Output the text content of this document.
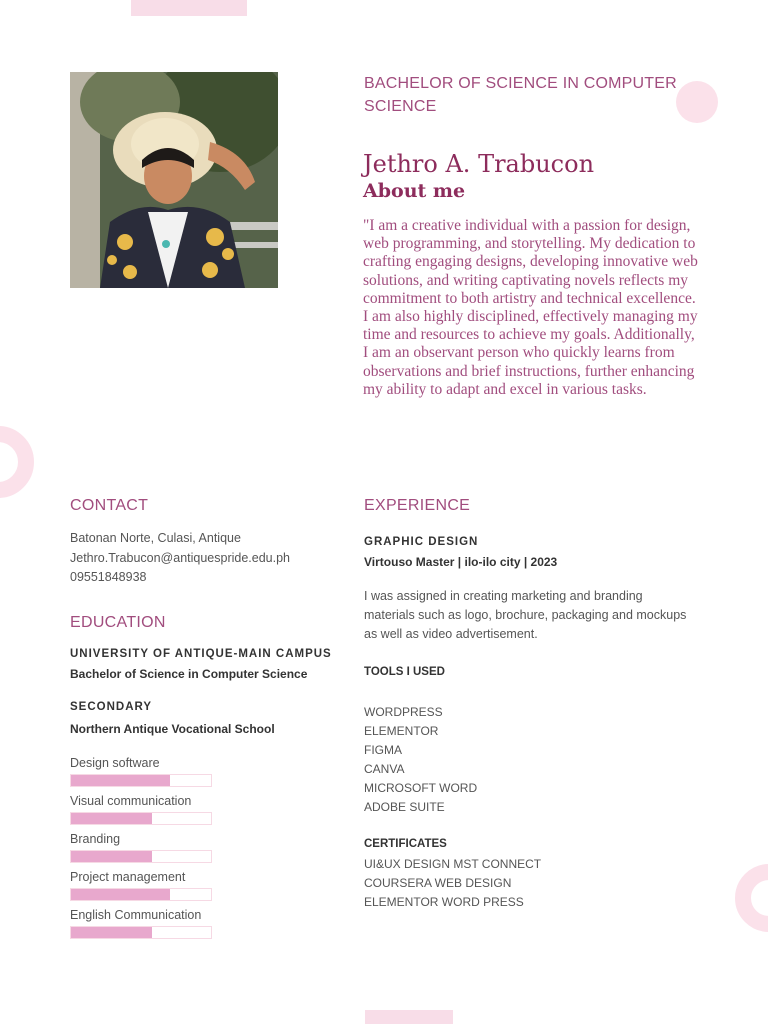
BACHELOR OF SCIENCE IN COMPUTER SCIENCE
Jethro A. Trabucon
About me
"I am a creative individual with a passion for design, web programming, and storytelling. My dedication to crafting engaging designs, developing innovative web solutions, and writing captivating novels reflects my commitment to both artistry and technical excellence. I am also highly disciplined, effectively managing my time and resources to achieve my goals. Additionally, I am an observant person who quickly learns from observations and brief instructions, further enhancing my ability to adapt and excel in various tasks.
CONTACT
Batonan Norte, Culasi, Antique
Jethro.Trabucon@antiquespride.edu.ph
09551848938
EDUCATION
UNIVERSITY OF ANTIQUE-MAIN CAMPUS
Bachelor of Science in Computer Science
SECONDARY
Northern Antique Vocational School
Design software
Visual communication
Branding
Project management
English Communication
EXPERIENCE
GRAPHIC DESIGN
Virtouso Master | ilo-ilo city | 2023
I was assigned in creating marketing and branding materials such as logo, brochure, packaging and mockups as well as video advertisement.
TOOLS I USED
WORDPRESS
ELEMENTOR
FIGMA
CANVA
MICROSOFT WORD
ADOBE SUITE
CERTIFICATES
UI&UX DESIGN MST CONNECT
COURSERA WEB DESIGN
ELEMENTOR WORD PRESS
